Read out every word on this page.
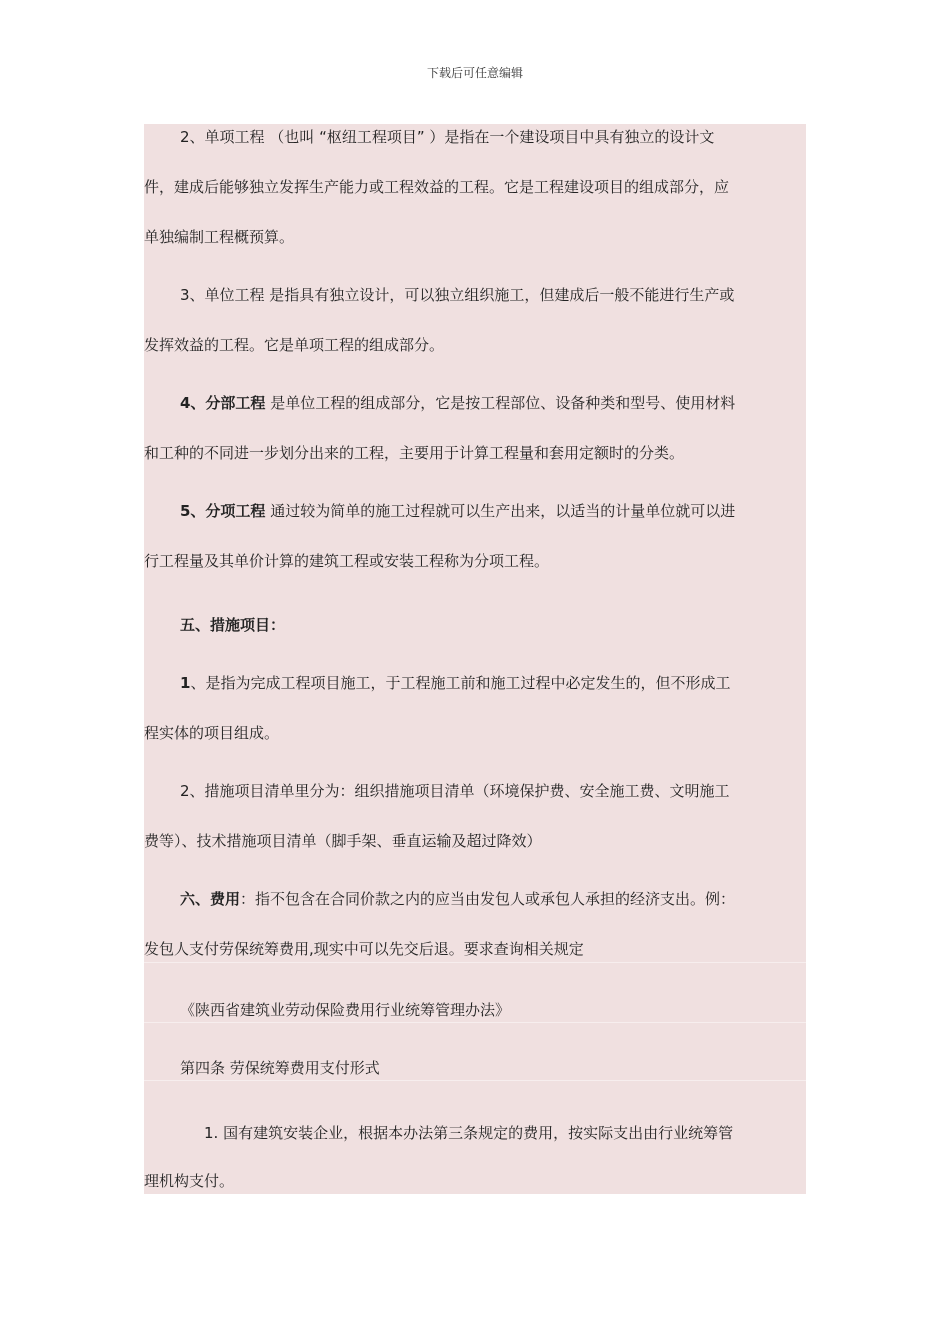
下载后可任意编辑
2、单项工程 （也叫 “枢纽工程项目” ）是指在一个建设项目中具有独立的设计文
件，建成后能够独立发挥生产能力或工程效益的工程。它是工程建设项目的组成部分，应
单独编制工程概预算。
3、单位工程 是指具有独立设计，可以独立组织施工，但建成后一般不能进行生产或
发挥效益的工程。它是单项工程的组成部分。
4、分部工程 是单位工程的组成部分，它是按工程部位、设备种类和型号、使用材料
和工种的不同进一步划分出来的工程，主要用于计算工程量和套用定额时的分类。
5、分项工程 通过较为简单的施工过程就可以生产出来，以适当的计量单位就可以进
行工程量及其单价计算的建筑工程或安装工程称为分项工程。
五、措施项目：
1、是指为完成工程项目施工，于工程施工前和施工过程中必定发生的，但不形成工
程实体的项目组成。
2、措施项目清单里分为：组织措施项目清单（环境保护费、安全施工费、文明施工
费等）、技术措施项目清单（脚手架、垂直运输及超过降效）
六、费用：指不包含在合同价款之内的应当由发包人或承包人承担的经济支出。例：
发包人支付劳保统筹费用,现实中可以先交后退。要求查询相关规定
《陕西省建筑业劳动保险费用行业统筹管理办法》
第四条 劳保统筹费用支付形式
1. 国有建筑安装企业，根据本办法第三条规定的费用，按实际支出由行业统筹管
理机构支付。
